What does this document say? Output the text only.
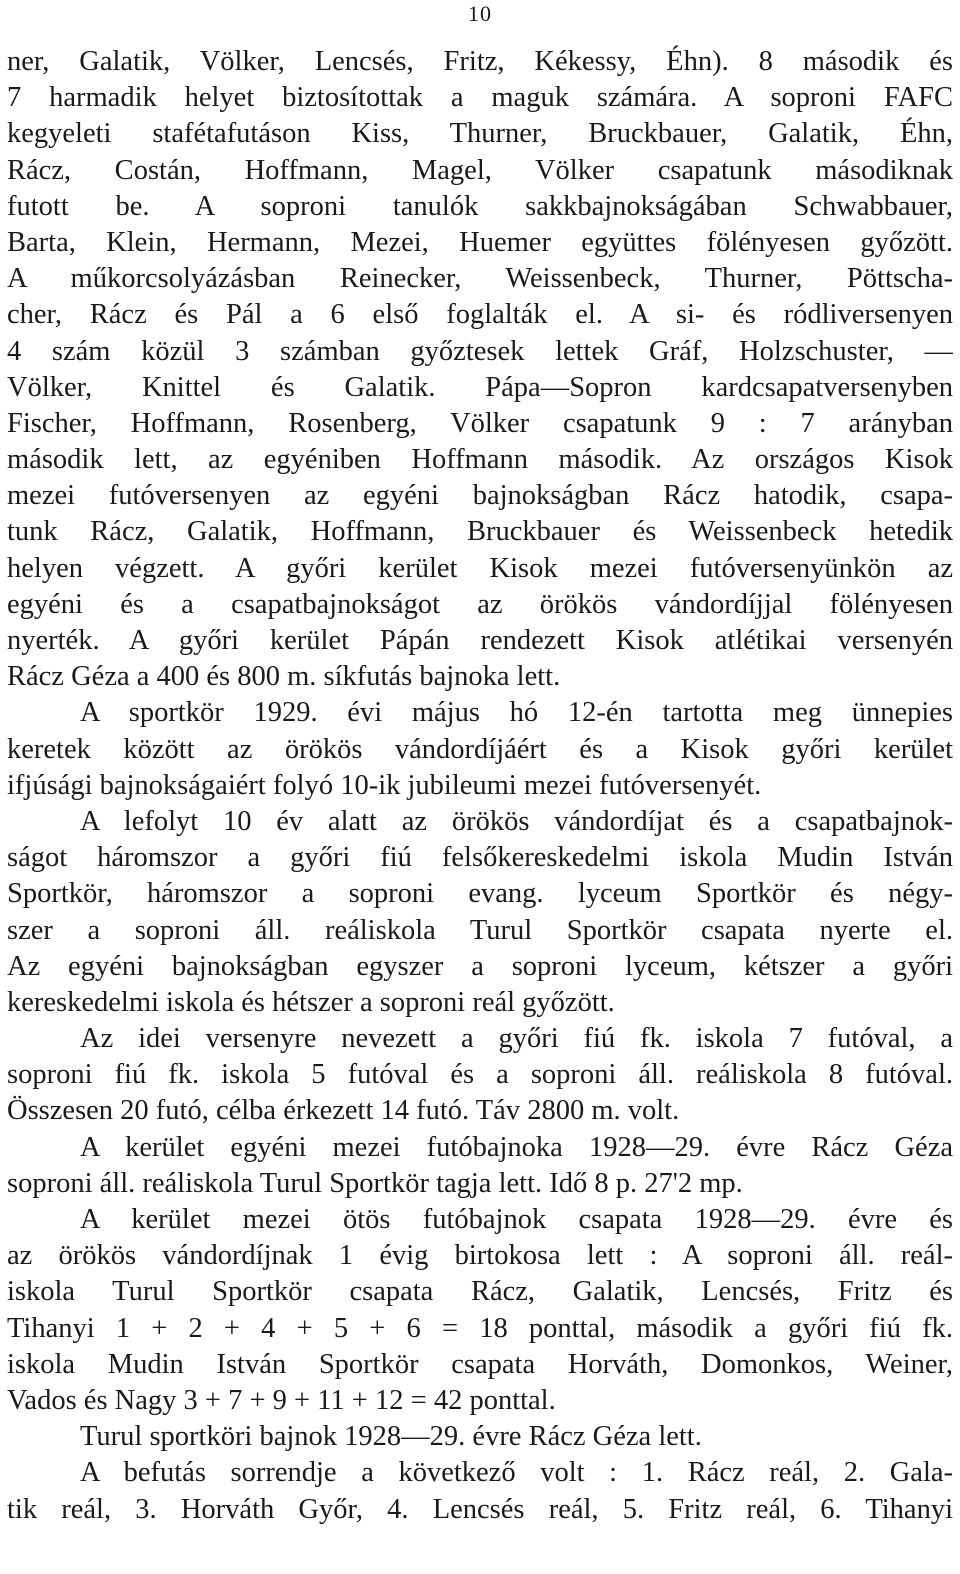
10
ner, Galatik, Völker, Lencsés, Fritz, Kékessy, Éhn). 8 második és
7 harmadik helyet biztosítottak a maguk számára. A soproni FAFC
kegyeleti stafétafutáson Kiss, Thurner, Bruckbauer, Galatik, Éhn,
Rácz, Costán, Hoffmann, Magel, Völker csapatunk másodiknak
futott be. A soproni tanulók sakkbajnokságában Schwabbauer,
Barta, Klein, Hermann, Mezei, Huemer együttes fölényesen győzött.
A műkorcsolyázásban Reinecker, Weissenbeck, Thurner, Pöttscha-
cher, Rácz és Pál a 6 első foglalták el. A si- és ródliversenyen
4 szám közül 3 számban győztesek lettek Gráf, Holzschuster, —
Völker, Knittel és Galatik. Pápa—Sopron kardcsapatversenyben
Fischer, Hoffmann, Rosenberg, Völker csapatunk 9 : 7 arányban
második lett, az egyéniben Hoffmann második. Az országos Kisok
mezei futóversenyen az egyéni bajnokságban Rácz hatodik, csapa-
tunk Rácz, Galatik, Hoffmann, Bruckbauer és Weissenbeck hetedik
helyen végzett. A győri kerület Kisok mezei futóversenyünkön az
egyéni és a csapatbajnokságot az örökös vándordíjjal fölényesen
nyerték. A győri kerület Pápán rendezett Kisok atlétikai versenyén
Rácz Géza a 400 és 800 m. síkfutás bajnoka lett.
A sportkör 1929. évi május hó 12-én tartotta meg ünnepies
keretek között az örökös vándordíjáért és a Kisok győri kerület
ifjúsági bajnokságaiért folyó 10-ik jubileumi mezei futóversenyét.
A lefolyt 10 év alatt az örökös vándordíjat és a csapatbajnok-
ságot háromszor a győri fiú felsőkereskedelmi iskola Mudin István
Sportkör, háromszor a soproni evang. lyceum Sportkör és négy-
szer a soproni áll. reáliskola Turul Sportkör csapata nyerte el.
Az egyéni bajnokságban egyszer a soproni lyceum, kétszer a győri
kereskedelmi iskola és hétszer a soproni reál győzött.
Az idei versenyre nevezett a győri fiú fk. iskola 7 futóval, a
soproni fiú fk. iskola 5 futóval és a soproni áll. reáliskola 8 futóval.
Összesen 20 futó, célba érkezett 14 futó. Táv 2800 m. volt.
A kerület egyéni mezei futóbajnoka 1928—29. évre Rácz Géza
soproni áll. reáliskola Turul Sportkör tagja lett. Idő 8 p. 27'2 mp.
A kerület mezei ötös futóbajnok csapata 1928—29. évre és
az örökös vándordíjnak 1 évig birtokosa lett : A soproni áll. reál-
iskola Turul Sportkör csapata Rácz, Galatik, Lencsés, Fritz és
Tihanyi 1 + 2 + 4 + 5 + 6 = 18 ponttal, második a győri fiú fk.
iskola Mudin István Sportkör csapata Horváth, Domonkos, Weiner,
Vados és Nagy 3 + 7 + 9 + 11 + 12 = 42 ponttal.
Turul sportköri bajnok 1928—29. évre Rácz Géza lett.
A befutás sorrendje a következő volt : 1. Rácz reál, 2. Gala-
tik reál, 3. Horváth Győr, 4. Lencsés reál, 5. Fritz reál, 6. Tihanyi
